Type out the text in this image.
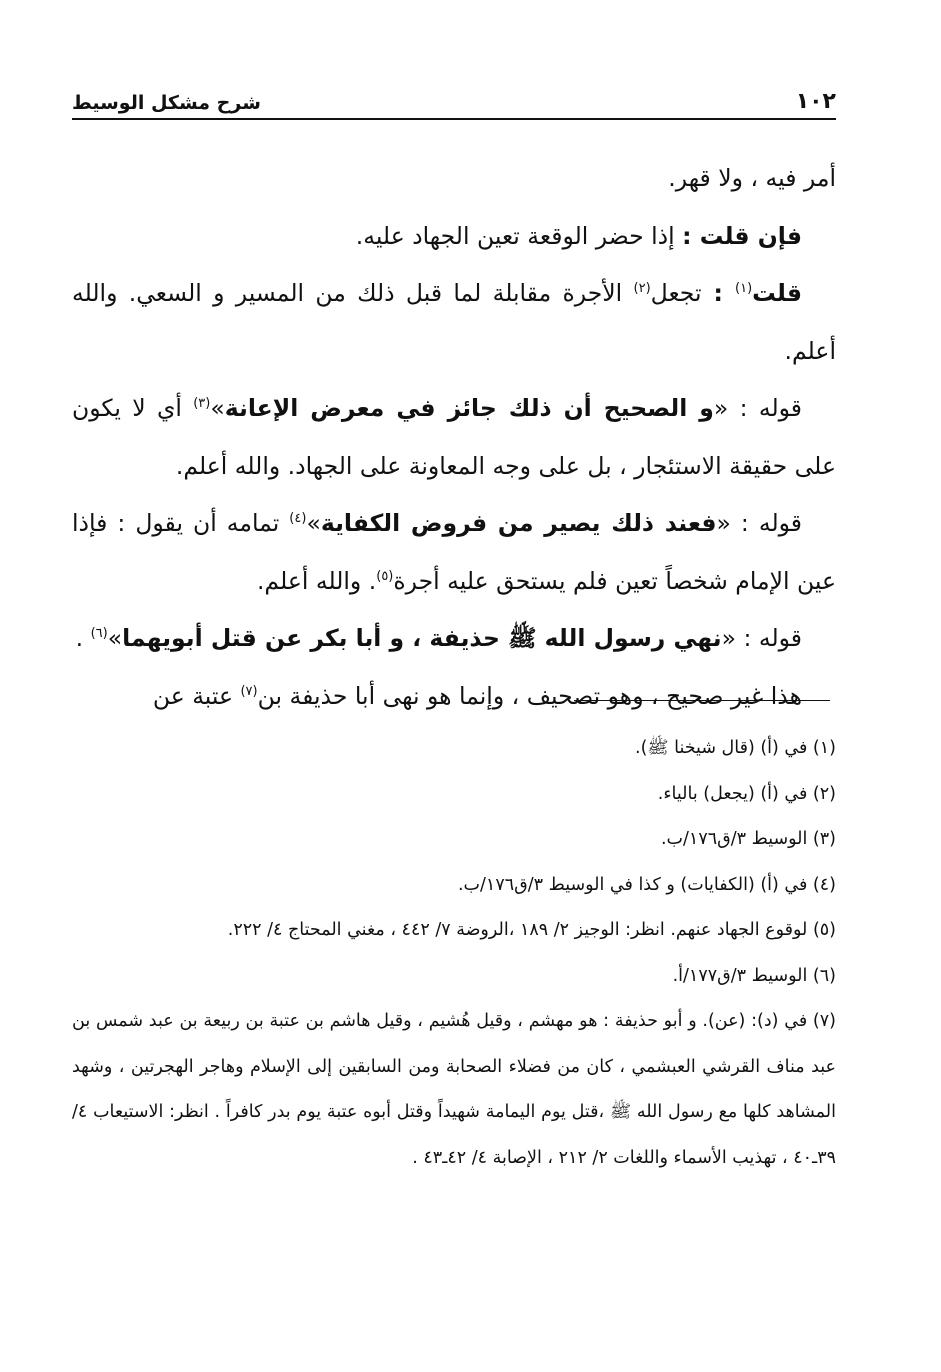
١٠٢
شرح مشكل الوسيط

أمر فيه ، ولا قهر.

فإن قلت : إذا حضر الوقعة تعين الجهاد عليه.

قلت$^{(١)}$ : تجعل$^{(٢)}$ الأجرة مقابلة لما قبل ذلك من المسير و السعي. والله أعلم.

قوله : «و الصحيح أن ذلك جائز في معرض الإعانة»$^{(٣)}$ أي لا يكون على حقيقة الاستئجار ، بل على وجه المعاونة على الجهاد. والله أعلم.

قوله : «فعند ذلك يصير من فروض الكفاية»$^{(٤)}$ تمامه أن يقول : فإذا عين الإمام شخصاً تعين فلم يستحق عليه أجرة$^{(٥)}$. والله أعلم.

قوله : «نهي رسول الله ﷺ حذيفة ، و أبا بكر عن قتل أبويهما»$^{(٦)}$ .

هذا غير صحيح ، وهو تصحيف ، وإنما هو نهى أبا حذيفة بن$^{(٧)}$ عتبة عن

(١) في (أ) (قال شيخنا ﷺ).

(٢) في (أ) (يجعل) بالياء.

(٣) الوسيط ٣/ق١٧٦/ب.

(٤) في (أ) (الكفايات) و كذا في الوسيط ٣/ق١٧٦/ب.

(٥) لوقوع الجهاد عنهم. انظر: الوجيز ٢/ ١٨٩ ،الروضة ٧/ ٤٤٢ ، مغني المحتاج ٤/ ٢٢٢.

(٦) الوسيط ٣/ق١٧٧/أ.

(٧) في (د): (عن). و أبو حذيفة : هو مهشم ، وقيل هُشيم ، وقيل هاشم بن عتبة بن ربيعة بن عبد شمس بن عبد مناف القرشي العبشمي ، كان من فضلاء الصحابة ومن السابقين إلى الإسلام وهاجر الهجرتين ، وشهد المشاهد كلها مع رسول الله ﷺ ،قتل يوم اليمامة شهيداً وقتل أبوه عتبة يوم بدر كافراً . انظر: الاستيعاب ٤/ ٣٩ـ٤٠ ، تهذيب الأسماء واللغات ٢/ ٢١٢ ، الإصابة ٤/ ٤٢ـ٤٣ .
